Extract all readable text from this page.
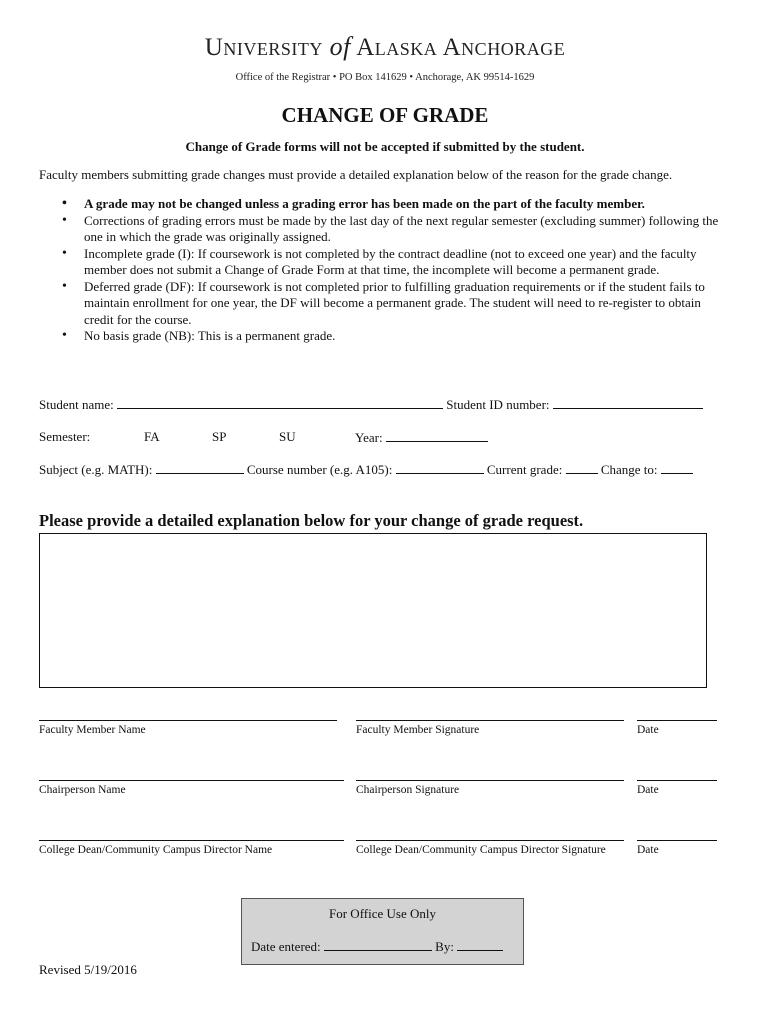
University of Alaska Anchorage
Office of the Registrar • PO Box 141629 • Anchorage, AK 99514-1629
CHANGE OF GRADE
Change of Grade forms will not be accepted if submitted by the student.
Faculty members submitting grade changes must provide a detailed explanation below of the reason for the grade change.
• A grade may not be changed unless a grading error has been made on the part of the faculty member.
• Corrections of grading errors must be made by the last day of the next regular semester (excluding summer) following the one in which the grade was originally assigned.
• Incomplete grade (I): If coursework is not completed by the contract deadline (not to exceed one year) and the faculty member does not submit a Change of Grade Form at that time, the incomplete will become a permanent grade.
• Deferred grade (DF): If coursework is not completed prior to fulfilling graduation requirements or if the student fails to maintain enrollment for one year, the DF will become a permanent grade. The student will need to re-register to obtain credit for the course.
• No basis grade (NB): This is a permanent grade.
Student name:	Student ID number:
Semester:	FA	SP	SU	Year:
Subject (e.g. MATH):	Course number (e.g. A105):	Current grade:	Change to:
Please provide a detailed explanation below for your change of grade request.
Faculty Member Name	Faculty Member Signature	Date
Chairperson Name	Chairperson Signature	Date
College Dean/Community Campus Director Name	College Dean/Community Campus Director Signature	Date
For Office Use Only
Date entered:	By:
Revised 5/19/2016
